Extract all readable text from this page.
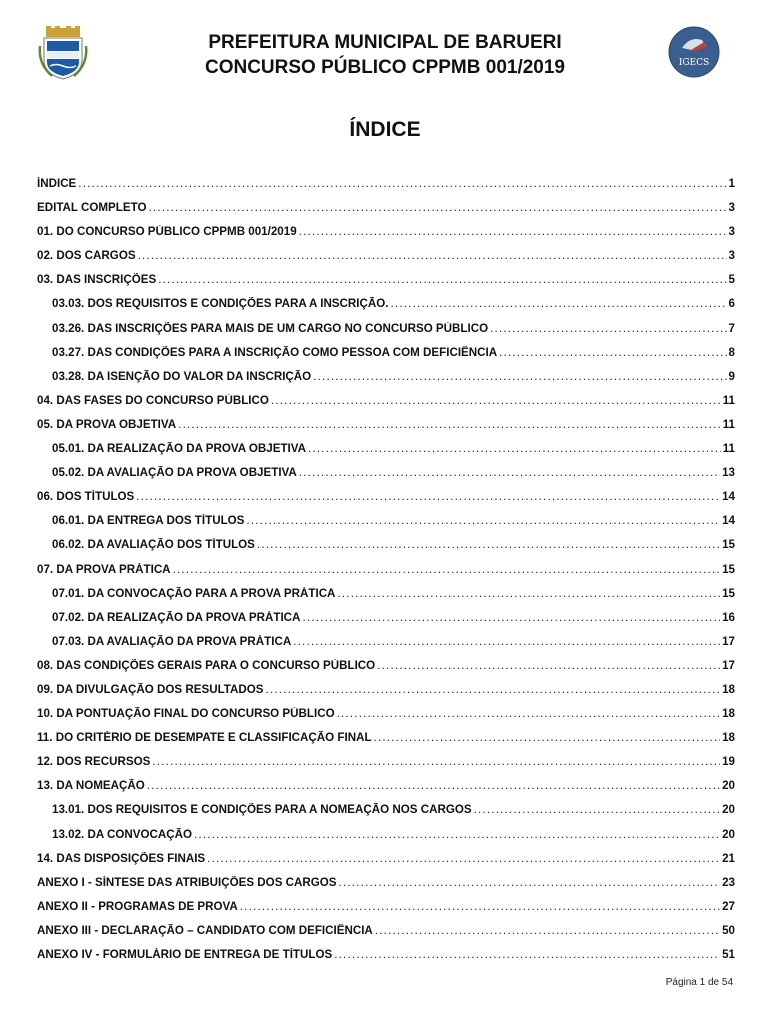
PREFEITURA MUNICIPAL DE BARUERI
CONCURSO PÚBLICO CPPMB 001/2019	IGECS
ÍNDICE
ÍNDICE .....	1
EDITAL COMPLETO .....	3
01. DO CONCURSO PÚBLICO CPPMB 001/2019 .....	3
02. DOS CARGOS .....	3
03. DAS INSCRIÇÕES .....	5
03.03. DOS REQUISITOS E CONDIÇÕES PARA A INSCRIÇÃO. .....	6
03.26. DAS INSCRIÇÕES PARA MAIS DE UM CARGO NO CONCURSO PÚBLICO .....	7
03.27. DAS CONDIÇÕES PARA A INSCRIÇÃO COMO PESSOA COM DEFICIÊNCIA .....	8
03.28. DA ISENÇÃO DO VALOR DA INSCRIÇÃO .....	9
04. DAS FASES DO CONCURSO PÚBLICO .....	11
05. DA PROVA OBJETIVA .....	11
05.01. DA REALIZAÇÃO DA PROVA OBJETIVA .....	11
05.02. DA AVALIAÇÃO DA PROVA OBJETIVA .....	13
06. DOS TÍTULOS .....	14
06.01. DA ENTREGA DOS TÍTULOS .....	14
06.02. DA AVALIAÇÃO DOS TÍTULOS .....	15
07. DA PROVA PRÁTICA .....	15
07.01. DA CONVOCAÇÃO PARA A PROVA PRÁTICA .....	15
07.02. DA REALIZAÇÃO DA PROVA PRÁTICA .....	16
07.03. DA AVALIAÇÃO DA PROVA PRÁTICA .....	17
08. DAS CONDIÇÕES GERAIS PARA O CONCURSO PÚBLICO .....	17
09. DA DIVULGAÇÃO DOS RESULTADOS .....	18
10. DA PONTUAÇÃO FINAL DO CONCURSO PÚBLICO .....	18
11. DO CRITÉRIO DE DESEMPATE E CLASSIFICAÇÃO FINAL .....	18
12. DOS RECURSOS .....	19
13. DA NOMEAÇÃO .....	20
13.01. DOS REQUISITOS E CONDIÇÕES PARA A NOMEAÇÃO NOS CARGOS .....	20
13.02. DA CONVOCAÇÃO .....	20
14. DAS DISPOSIÇÕES FINAIS .....	21
ANEXO I - SÍNTESE DAS ATRIBUIÇÕES DOS CARGOS .....	23
ANEXO II - PROGRAMAS DE PROVA .....	27
ANEXO III - DECLARAÇÃO – CANDIDATO COM DEFICIÊNCIA .....	50
ANEXO IV - FORMULÁRIO DE ENTREGA DE TÍTULOS .....	51
Página 1 de 54
